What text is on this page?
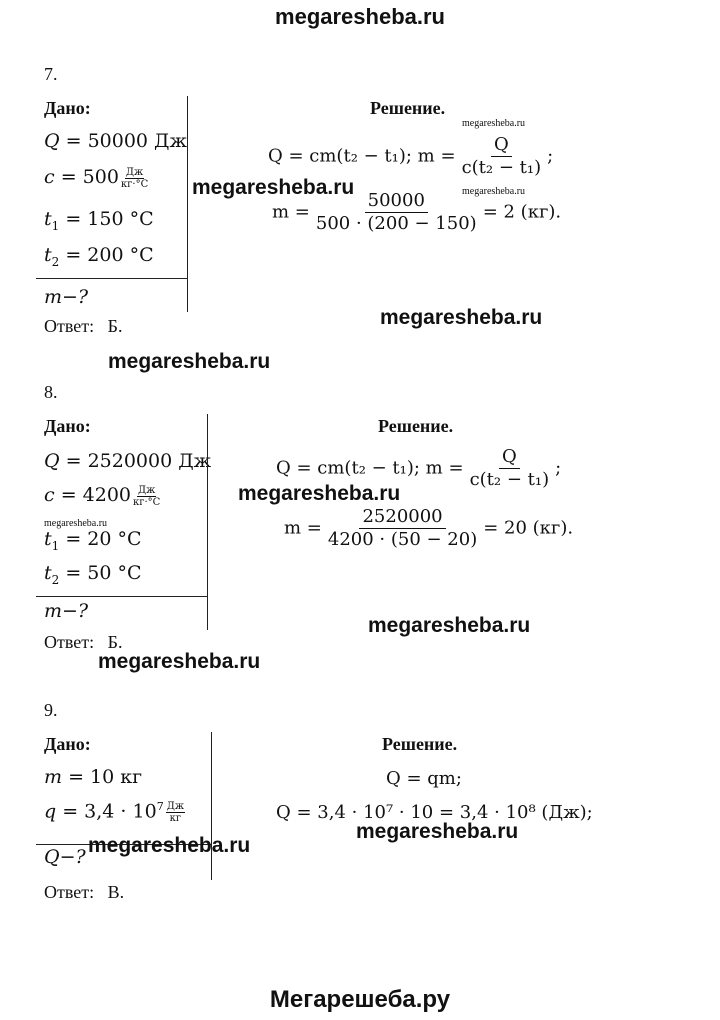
megaresheba.ru
7.
Дано:	Решение.
megaresheba.ru
Q = 50000 Дж
c = 500 Дж
кг·°С
$t_1 = 150$ °С
$t_2 = 200$ °С
m−?
Q = cm(t₂ − t₁); $m = \frac{Q}{\text{c(t₂ − t₁)}}$ ;
megaresheba.ru	megaresheba.ru
$m = \frac{50000}{500 \cdot (200 - 150)} = 2$ (кг).
Ответ: Б.	megaresheba.ru
megaresheba.ru
8.
Дано:	Решение.
Q = 2520000 Дж
c = 4200 Дж
кг·°С
megaresheba.ru
$t_1 = 20$ °С
$t_2 = 50$ °С
m−?
Q = cm(t₂ − t₁); $m = \frac{Q}{\text{c(t₂ − t₁)}}$ ;
megaresheba.ru
$m = \frac{2520000}{4200 \cdot (50 - 20)} = 20$ (кг).
Ответ: Б.
megaresheba.ru
megaresheba.ru
9.
Дано:	Решение.
m = 10 кг
$q = 3,4 \cdot 10^7$ Дж
кг
Q−? megaresheba.ru
Q = qm;
Q = 3,4 · 10⁷ · 10 = 3,4 · 10⁸ (Дж);
megaresheba.ru
Ответ: В.
Мегарешеба.ру
